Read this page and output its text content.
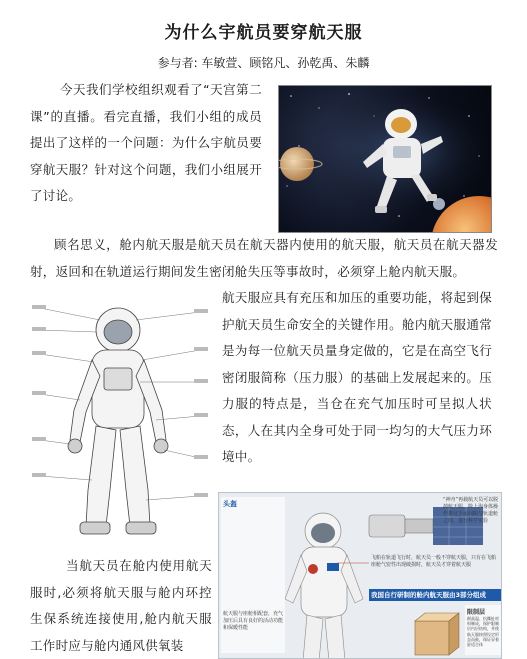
为什么宇航员要穿航天服
参与者: 车敏萱、顾铭凡、孙乾禹、朱麟

今天我们学校组织观看了“天宫第二课”的直播。看完直播，我们小组的成员提出了这样的一个问题：为什么宇航员要穿航天服？针对这个问题，我们小组展开了讨论。

顾名思义，舱内航天服是航天员在航天器内使用的航天服，航天员在航天器发射，返回和在轨道运行期间发生密闭舱失压等事故时，必须穿上舱内航天服。

航天服应具有充压和加压的重要功能，将起到保护航天员生命安全的关键作用。舱内航天服通常是为每一位航天员量身定做的，它是在高空飞行密闭服简称（压力服）的基础上发展起来的。压力服的特点是，当仓在充气加压时可呈拟人状态，人在其内全身可处于同一均匀的大气压力环境中。

头盔
航天服与座舱相配套，充气加压后具有良好的活动功能和保暖性能
“神舟”再载航天员可以脱掉航天服，除上海身体操作推这手运回陷与轨道舱之间，进行科学实验
飞船在轨道飞行时，航天员一般不穿航天服，只有在飞船座舱气密性出现破损时，航天员才穿着航天服
我国自行研制的舱内航天服由3部分组成
限制层
耐高温、抗撕扯材料制成，保护限制层内层结构，并使航天服按照设定形态而鼓，保证穿着舒适合体

当航天员在舱内使用航天服时,必须将航天服与舱内环控生保系统连接使用,舱内航天服工作时应与舱内通风供氧装
